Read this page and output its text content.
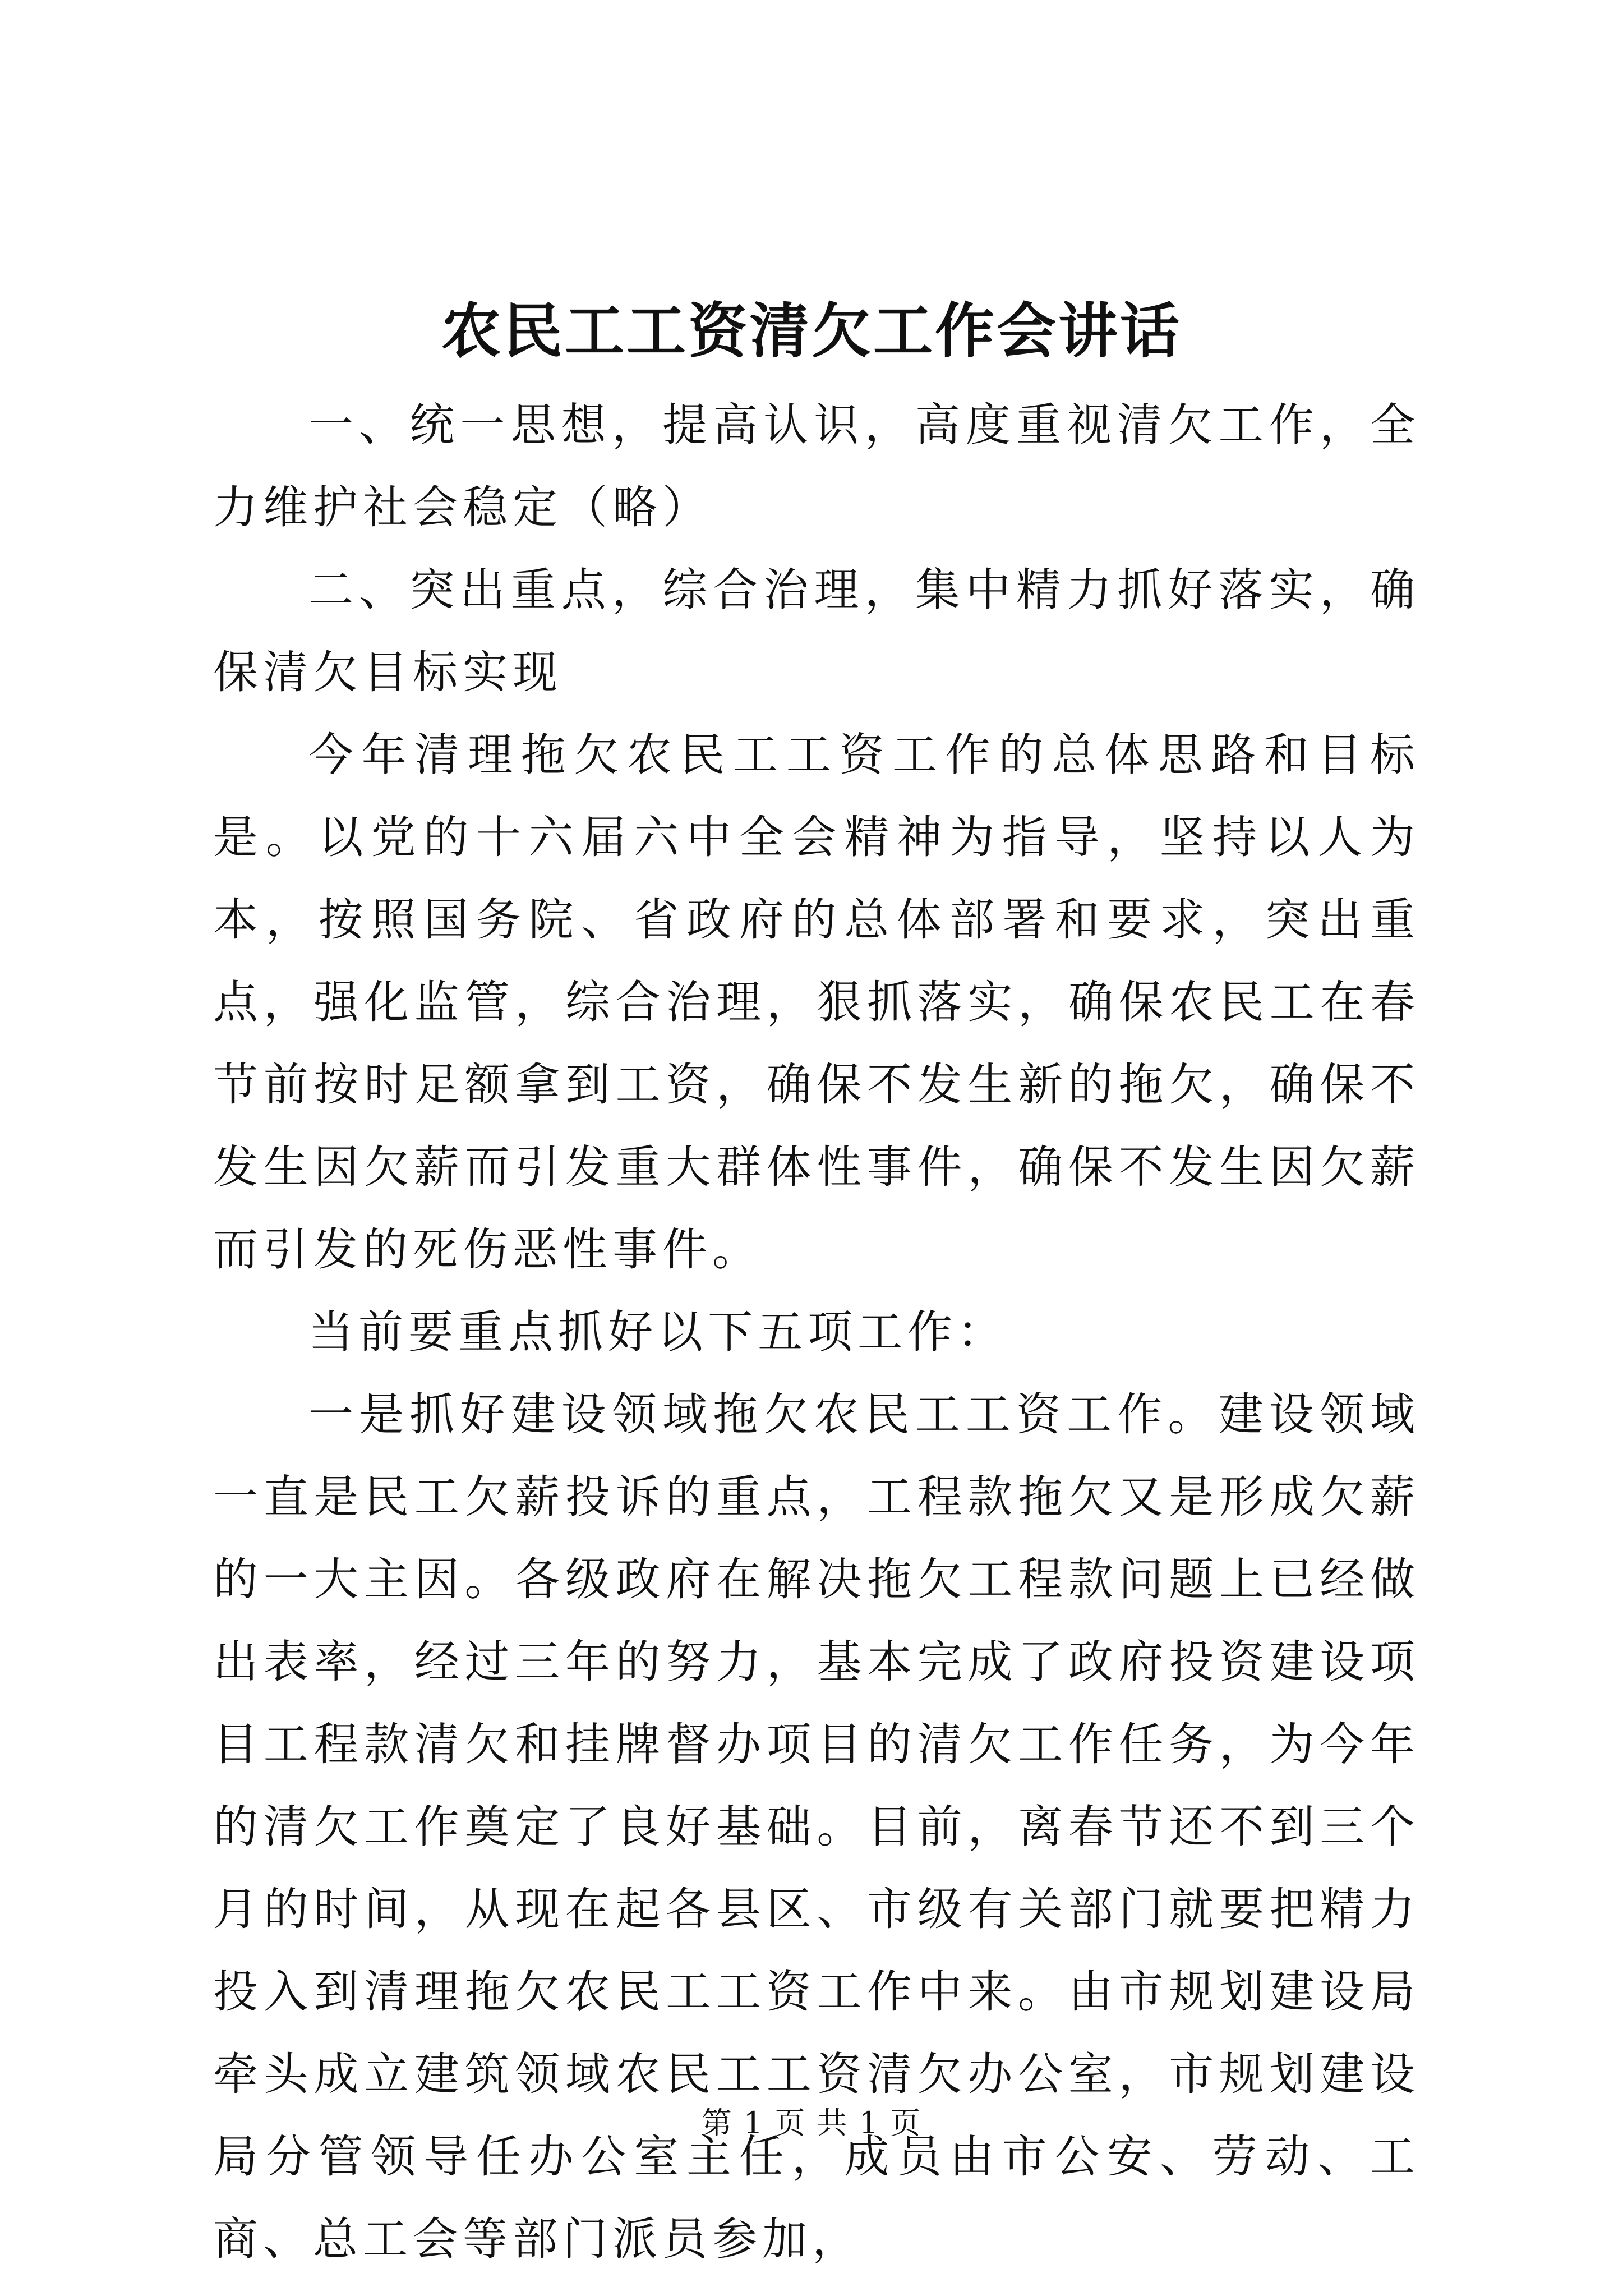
农民工工资清欠工作会讲话

一、统一思想，提高认识，高度重视清欠工作，全力维护社会稳定（略）

二、突出重点，综合治理，集中精力抓好落实，确保清欠目标实现

今年清理拖欠农民工工资工作的总体思路和目标是。以党的十六届六中全会精神为指导，坚持以人为本，按照国务院、省政府的总体部署和要求，突出重点，强化监管，综合治理，狠抓落实，确保农民工在春节前按时足额拿到工资，确保不发生新的拖欠，确保不发生因欠薪而引发重大群体性事件，确保不发生因欠薪而引发的死伤恶性事件。

当前要重点抓好以下五项工作：

一是抓好建设领域拖欠农民工工资工作。建设领域一直是民工欠薪投诉的重点，工程款拖欠又是形成欠薪的一大主因。各级政府在解决拖欠工程款问题上已经做出表率，经过三年的努力，基本完成了政府投资建设项目工程款清欠和挂牌督办项目的清欠工作任务，为今年的清欠工作奠定了良好基础。目前，离春节还不到三个月的时间，从现在起各县区、市级有关部门就要把精力投入到清理拖欠农民工工资工作中来。由市规划建设局牵头成立建筑领域农民工工资清欠办公室，市规划建设局分管领导任办公室主任，成员由市公安、劳动、工商、总工会等部门派员参加，

第 1 页 共 1 页
